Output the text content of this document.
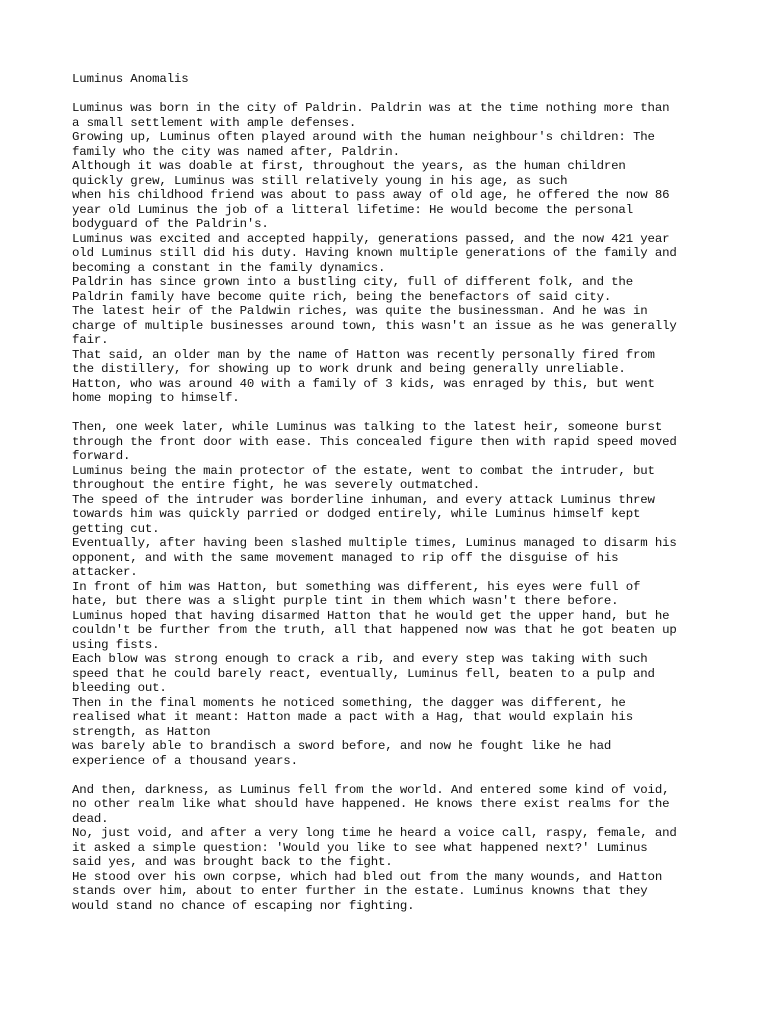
Luminus Anomalis
Luminus was born in the city of Paldrin. Paldrin was at the time nothing more than
a small settlement with ample defenses.
Growing up, Luminus often played around with the human neighbour's children: The
family who the city was named after, Paldrin.
Although it was doable at first, throughout the years, as the human children
quickly grew, Luminus was still relatively young in his age, as such
when his childhood friend was about to pass away of old age, he offered the now 86
year old Luminus the job of a litteral lifetime: He would become the personal
bodyguard of the Paldrin's.
Luminus was excited and accepted happily, generations passed, and the now 421 year
old Luminus still did his duty. Having known multiple generations of the family and
becoming a constant in the family dynamics.
Paldrin has since grown into a bustling city, full of different folk, and the
Paldrin family have become quite rich, being the benefactors of said city.
The latest heir of the Paldwin riches, was quite the businessman. And he was in
charge of multiple businesses around town, this wasn't an issue as he was generally
fair.
That said, an older man by the name of Hatton was recently personally fired from
the distillery, for showing up to work drunk and being generally unreliable.
Hatton, who was around 40 with a family of 3 kids, was enraged by this, but went
home moping to himself.
Then, one week later, while Luminus was talking to the latest heir, someone burst
through the front door with ease. This concealed figure then with rapid speed moved
forward.
Luminus being the main protector of the estate, went to combat the intruder, but
throughout the entire fight, he was severely outmatched.
The speed of the intruder was borderline inhuman, and every attack Luminus threw
towards him was quickly parried or dodged entirely, while Luminus himself kept
getting cut.
Eventually, after having been slashed multiple times, Luminus managed to disarm his
opponent, and with the same movement managed to rip off the disguise of his
attacker.
In front of him was Hatton, but something was different, his eyes were full of
hate, but there was a slight purple tint in them which wasn't there before.
Luminus hoped that having disarmed Hatton that he would get the upper hand, but he
couldn't be further from the truth, all that happened now was that he got beaten up
using fists.
Each blow was strong enough to crack a rib, and every step was taking with such
speed that he could barely react, eventually, Luminus fell, beaten to a pulp and
bleeding out.
Then in the final moments he noticed something, the dagger was different, he
realised what it meant: Hatton made a pact with a Hag, that would explain his
strength, as Hatton
was barely able to brandisch a sword before, and now he fought like he had
experience of a thousand years.
And then, darkness, as Luminus fell from the world. And entered some kind of void,
no other realm like what should have happened. He knows there exist realms for the
dead.
No, just void, and after a very long time he heard a voice call, raspy, female, and
it asked a simple question: 'Would you like to see what happened next?' Luminus
said yes, and was brought back to the fight.
He stood over his own corpse, which had bled out from the many wounds, and Hatton
stands over him, about to enter further in the estate. Luminus knowns that they
would stand no chance of escaping nor fighting.
